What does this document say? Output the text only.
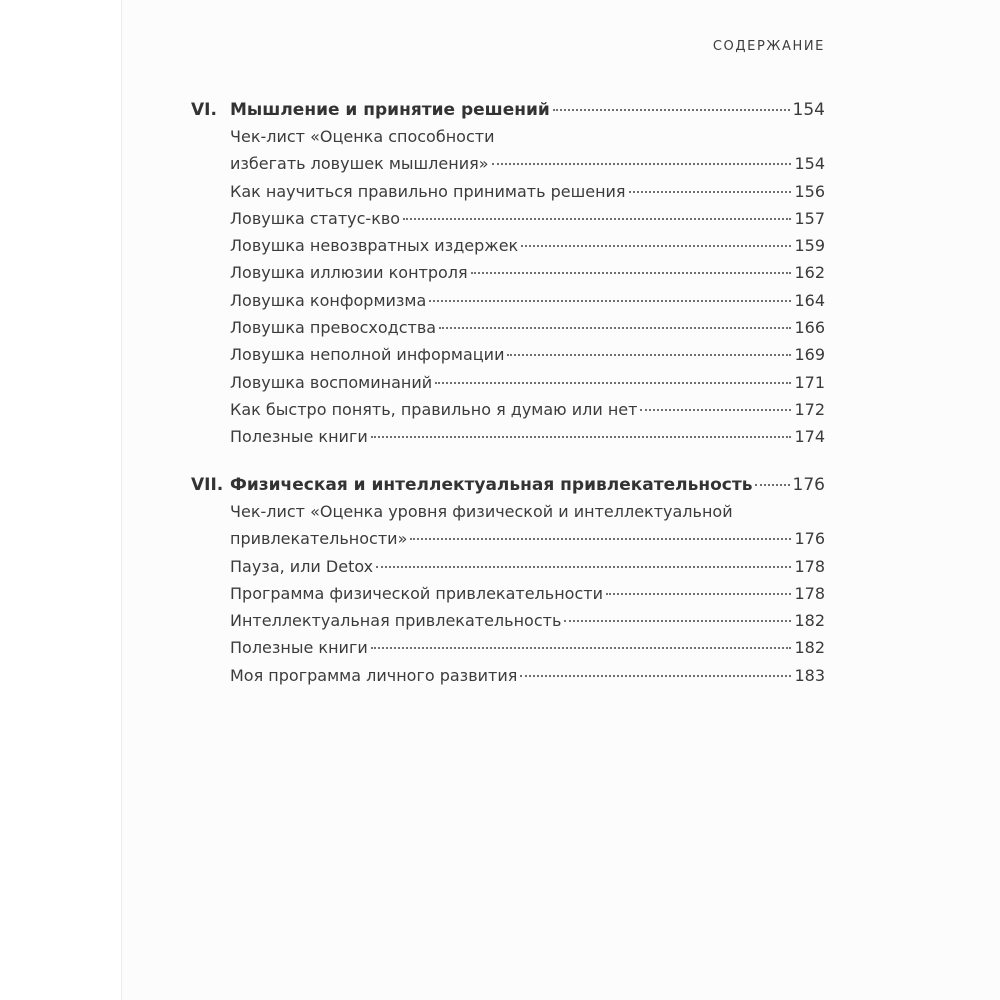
СОДЕРЖАНИЕ
VI. Мышление и принятие решений	154
Чек-лист «Оценка способности
избегать ловушек мышления»	154
Как научиться правильно принимать решения	156
Ловушка статус-кво	157
Ловушка невозвратных издержек	159
Ловушка иллюзии контроля	162
Ловушка конформизма	164
Ловушка превосходства	166
Ловушка неполной информации	169
Ловушка воспоминаний	171
Как быстро понять, правильно я думаю или нет	172
Полезные книги	174
VII. Физическая и интеллектуальная привлекательность 176
Чек-лист «Оценка уровня физической и интеллектуальной
привлекательности»	176
Пауза, или Detox	178
Программа физической привлекательности	178
Интеллектуальная привлекательность	182
Полезные книги	182
Моя программа личного развития	183
